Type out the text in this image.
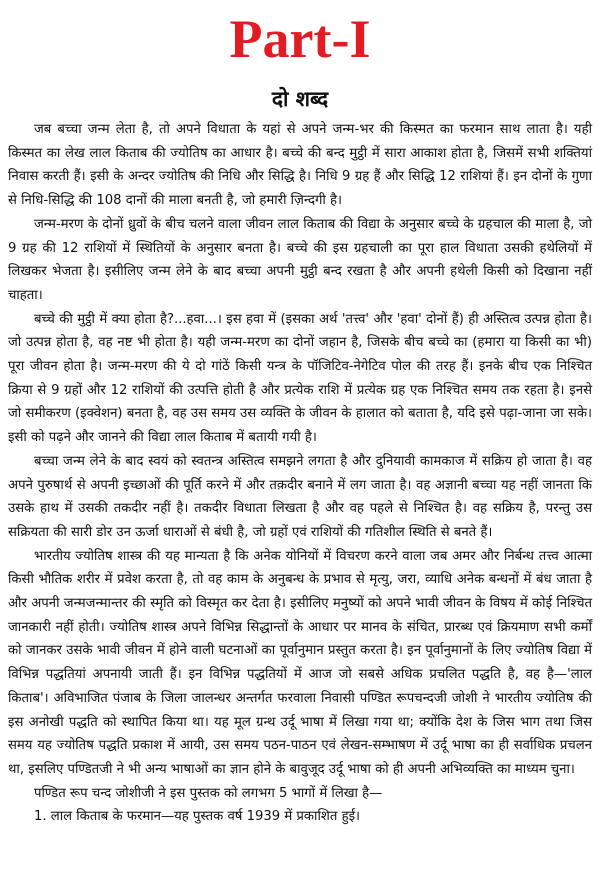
Part-I
दो शब्द

जब बच्चा जन्म लेता है, तो अपने विधाता के यहां से अपने जन्म-भर की किस्मत का फरमान साथ लाता है। यही किस्मत का लेख लाल किताब की ज्योतिष का आधार है। बच्चे की बन्द मुट्ठी में सारा आकाश होता है, जिसमें सभी शक्तियां निवास करती हैं। इसी के अन्दर ज्योतिष की निधि और सिद्धि है। निधि 9 ग्रह हैं और सिद्धि 12 राशियां हैं। इन दोनों के गुणा से निधि-सिद्धि की 108 दानों की माला बनती है, जो हमारी ज़िन्दगी है।

जन्म-मरण के दोनों ध्रुवों के बीच चलने वाला जीवन लाल किताब की विद्या के अनुसार बच्चे के ग्रहचाल की माला है, जो 9 ग्रह की 12 राशियों में स्थितियों के अनुसार बनता है। बच्चे की इस ग्रहचाली का पूरा हाल विधाता उसकी हथेलियों में लिखकर भेजता है। इसीलिए जन्म लेने के बाद बच्चा अपनी मुट्ठी बन्द रखता है और अपनी हथेली किसी को दिखाना नहीं चाहता।

बच्चे की मुट्ठी में क्या होता है?...हवा...। इस हवा में (इसका अर्थ 'तत्त्व' और 'हवा' दोनों हैं) ही अस्तित्व उत्पन्न होता है। जो उत्पन्न होता है, वह नष्ट भी होता है। यही जन्म-मरण का दोनों जहान है, जिसके बीच बच्चे का (हमारा या किसी का भी) पूरा जीवन होता है। जन्म-मरण की ये दो गांठें किसी यन्त्र के पॉजिटिव-नेगेटिव पोल की तरह हैं। इनके बीच एक निश्चित क्रिया से 9 ग्रहों और 12 राशियों की उत्पत्ति होती है और प्रत्येक राशि में प्रत्येक ग्रह एक निश्चित समय तक रहता है। इनसे जो समीकरण (इक्वेशन) बनता है, वह उस समय उस व्यक्ति के जीवन के हालात को बताता है, यदि इसे पढ़ा-जाना जा सके। इसी को पढ़ने और जानने की विद्या लाल किताब में बतायी गयी है।

बच्चा जन्म लेने के बाद स्वयं को स्वतन्त्र अस्तित्व समझने लगता है और दुनियावी कामकाज में सक्रिय हो जाता है। वह अपने पुरुषार्थ से अपनी इच्छाओं की पूर्ति करने में और तक़दीर बनाने में लग जाता है। वह अज्ञानी बच्चा यह नहीं जानता कि उसके हाथ में उसकी तकदीर नहीं है। तकदीर विधाता लिखता है और वह पहले से निश्चित है। वह सक्रिय है, परन्तु उस सक्रियता की सारी डोर उन ऊर्जा धाराओं से बंधी है, जो ग्रहों एवं राशियों की गतिशील स्थिति से बनते हैं।

भारतीय ज्योतिष शास्त्र की यह मान्यता है कि अनेक योनियों में विचरण करने वाला जब अमर और निर्बन्ध तत्त्व आत्मा किसी भौतिक शरीर में प्रवेश करता है, तो वह काम के अनुबन्ध के प्रभाव से मृत्यु, जरा, व्याधि अनेक बन्धनों में बंध जाता है और अपनी जन्मजन्मान्तर की स्मृति को विस्मृत कर देता है। इसीलिए मनुष्यों को अपने भावी जीवन के विषय में कोई निश्चित जानकारी नहीं होती। ज्योतिष शास्त्र अपने विभिन्न सिद्धान्तों के आधार पर मानव के संचित, प्रारब्ध एवं क्रियमाण सभी कर्मों को जानकर उसके भावी जीवन में होने वाली घटनाओं का पूर्वानुमान प्रस्तुत करता है। इन पूर्वानुमानों के लिए ज्योतिष विद्या में विभिन्न पद्धतियां अपनायी जाती हैं। इन विभिन्न पद्धतियों में आज जो सबसे अधिक प्रचलित पद्धति है, वह है—'लाल किताब'। अविभाजित पंजाब के जिला जालन्धर अन्तर्गत फरवाला निवासी पण्डित रूपचन्दजी जोशी ने भारतीय ज्योतिष की इस अनोखी पद्धति को स्थापित किया था। यह मूल ग्रन्थ उर्दू भाषा में लिखा गया था; क्योंकि देश के जिस भाग तथा जिस समय यह ज्योतिष पद्धति प्रकाश में आयी, उस समय पठन-पाठन एवं लेखन-सम्भाषण में उर्दू भाषा का ही सर्वाधिक प्रचलन था, इसलिए पण्डितजी ने भी अन्य भाषाओं का ज्ञान होने के बावुजूद उर्दू भाषा को ही अपनी अभिव्यक्ति का माध्यम चुना।

पण्डित रूप चन्द जोशीजी ने इस पुस्तक को लगभग 5 भागों में लिखा है—

1. लाल किताब के फरमान—यह पुस्तक वर्ष 1939 में प्रकाशित हुई।
